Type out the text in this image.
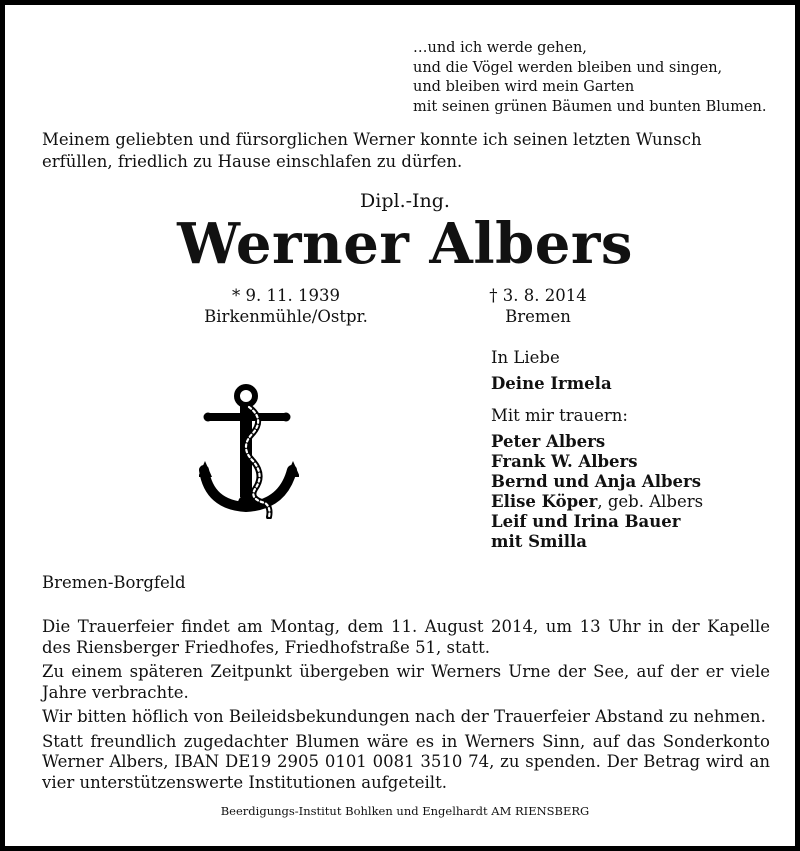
…und ich werde gehen,
und die Vögel werden bleiben und singen,
und bleiben wird mein Garten
mit seinen grünen Bäumen und bunten Blumen.
Meinem geliebten und fürsorglichen Werner konnte ich seinen letzten Wunsch erfüllen, friedlich zu Hause einschlafen zu dürfen.
Dipl.-Ing.
Werner Albers
* 9. 11. 1939
Birkenmühle/Ostpr.
† 3. 8. 2014
Bremen
In Liebe
Deine Irmela
Mit mir trauern:
Peter Albers
Frank W. Albers
Bernd und Anja Albers
Elise Köper, geb. Albers
Leif und Irina Bauer
mit Smilla
Bremen-Borgfeld

Die Trauerfeier findet am Montag, dem 11. August 2014, um 13 Uhr in der Kapelle des Riensberger Friedhofes, Friedhofstraße 51, statt.

Zu einem späteren Zeitpunkt übergeben wir Werners Urne der See, auf der er viele Jahre verbrachte.

Wir bitten höflich von Beileidsbekundungen nach der Trauerfeier Abstand zu nehmen.

Statt freundlich zugedachter Blumen wäre es in Werners Sinn, auf das Sonderkonto Werner Albers, IBAN DE19 2905 0101 0081 3510 74, zu spenden. Der Betrag wird an vier unterstützenswerte Institutionen aufgeteilt.

Beerdigungs-Institut Bohlken und Engelhardt AM RIENSBERG
